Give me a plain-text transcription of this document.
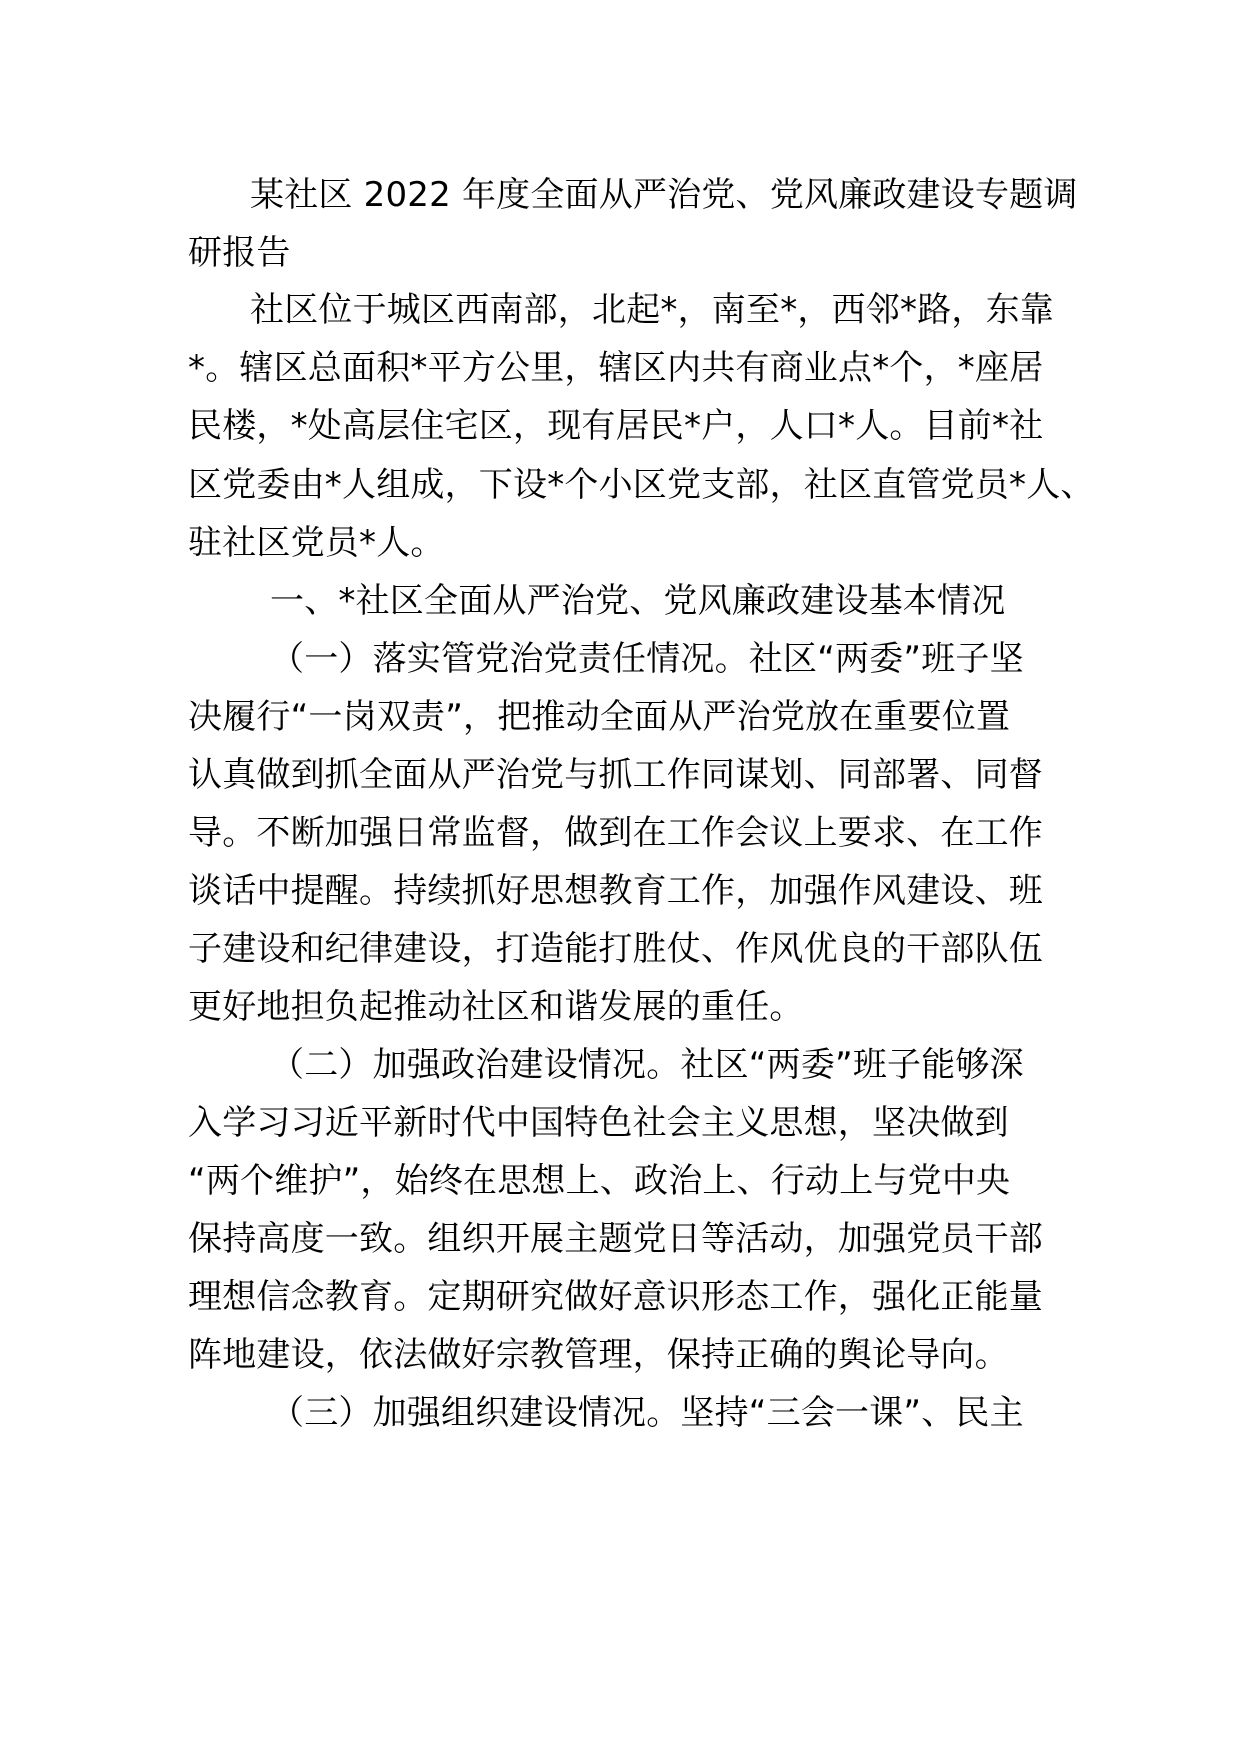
某社区 2022 年度全面从严治党、党风廉政建设专题调
研报告
社区位于城区西南部，北起*，南至*，西邻*路，东靠
*。辖区总面积*平方公里，辖区内共有商业点*个，*座居
民楼，*处高层住宅区，现有居民*户，人口*人。目前*社
区党委由*人组成，下设*个小区党支部，社区直管党员*人、
驻社区党员*人。
一、*社区全面从严治党、党风廉政建设基本情况
（一）落实管党治党责任情况。社区“两委”班子坚
决履行“一岗双责”，把推动全面从严治党放在重要位置
认真做到抓全面从严治党与抓工作同谋划、同部署、同督
导。不断加强日常监督，做到在工作会议上要求、在工作
谈话中提醒。持续抓好思想教育工作，加强作风建设、班
子建设和纪律建设，打造能打胜仗、作风优良的干部队伍
更好地担负起推动社区和谐发展的重任。
（二）加强政治建设情况。社区“两委”班子能够深
入学习习近平新时代中国特色社会主义思想，坚决做到
“两个维护”，始终在思想上、政治上、行动上与党中央
保持高度一致。组织开展主题党日等活动，加强党员干部
理想信念教育。定期研究做好意识形态工作，强化正能量
阵地建设，依法做好宗教管理，保持正确的舆论导向。
（三）加强组织建设情况。坚持“三会一课”、民主
